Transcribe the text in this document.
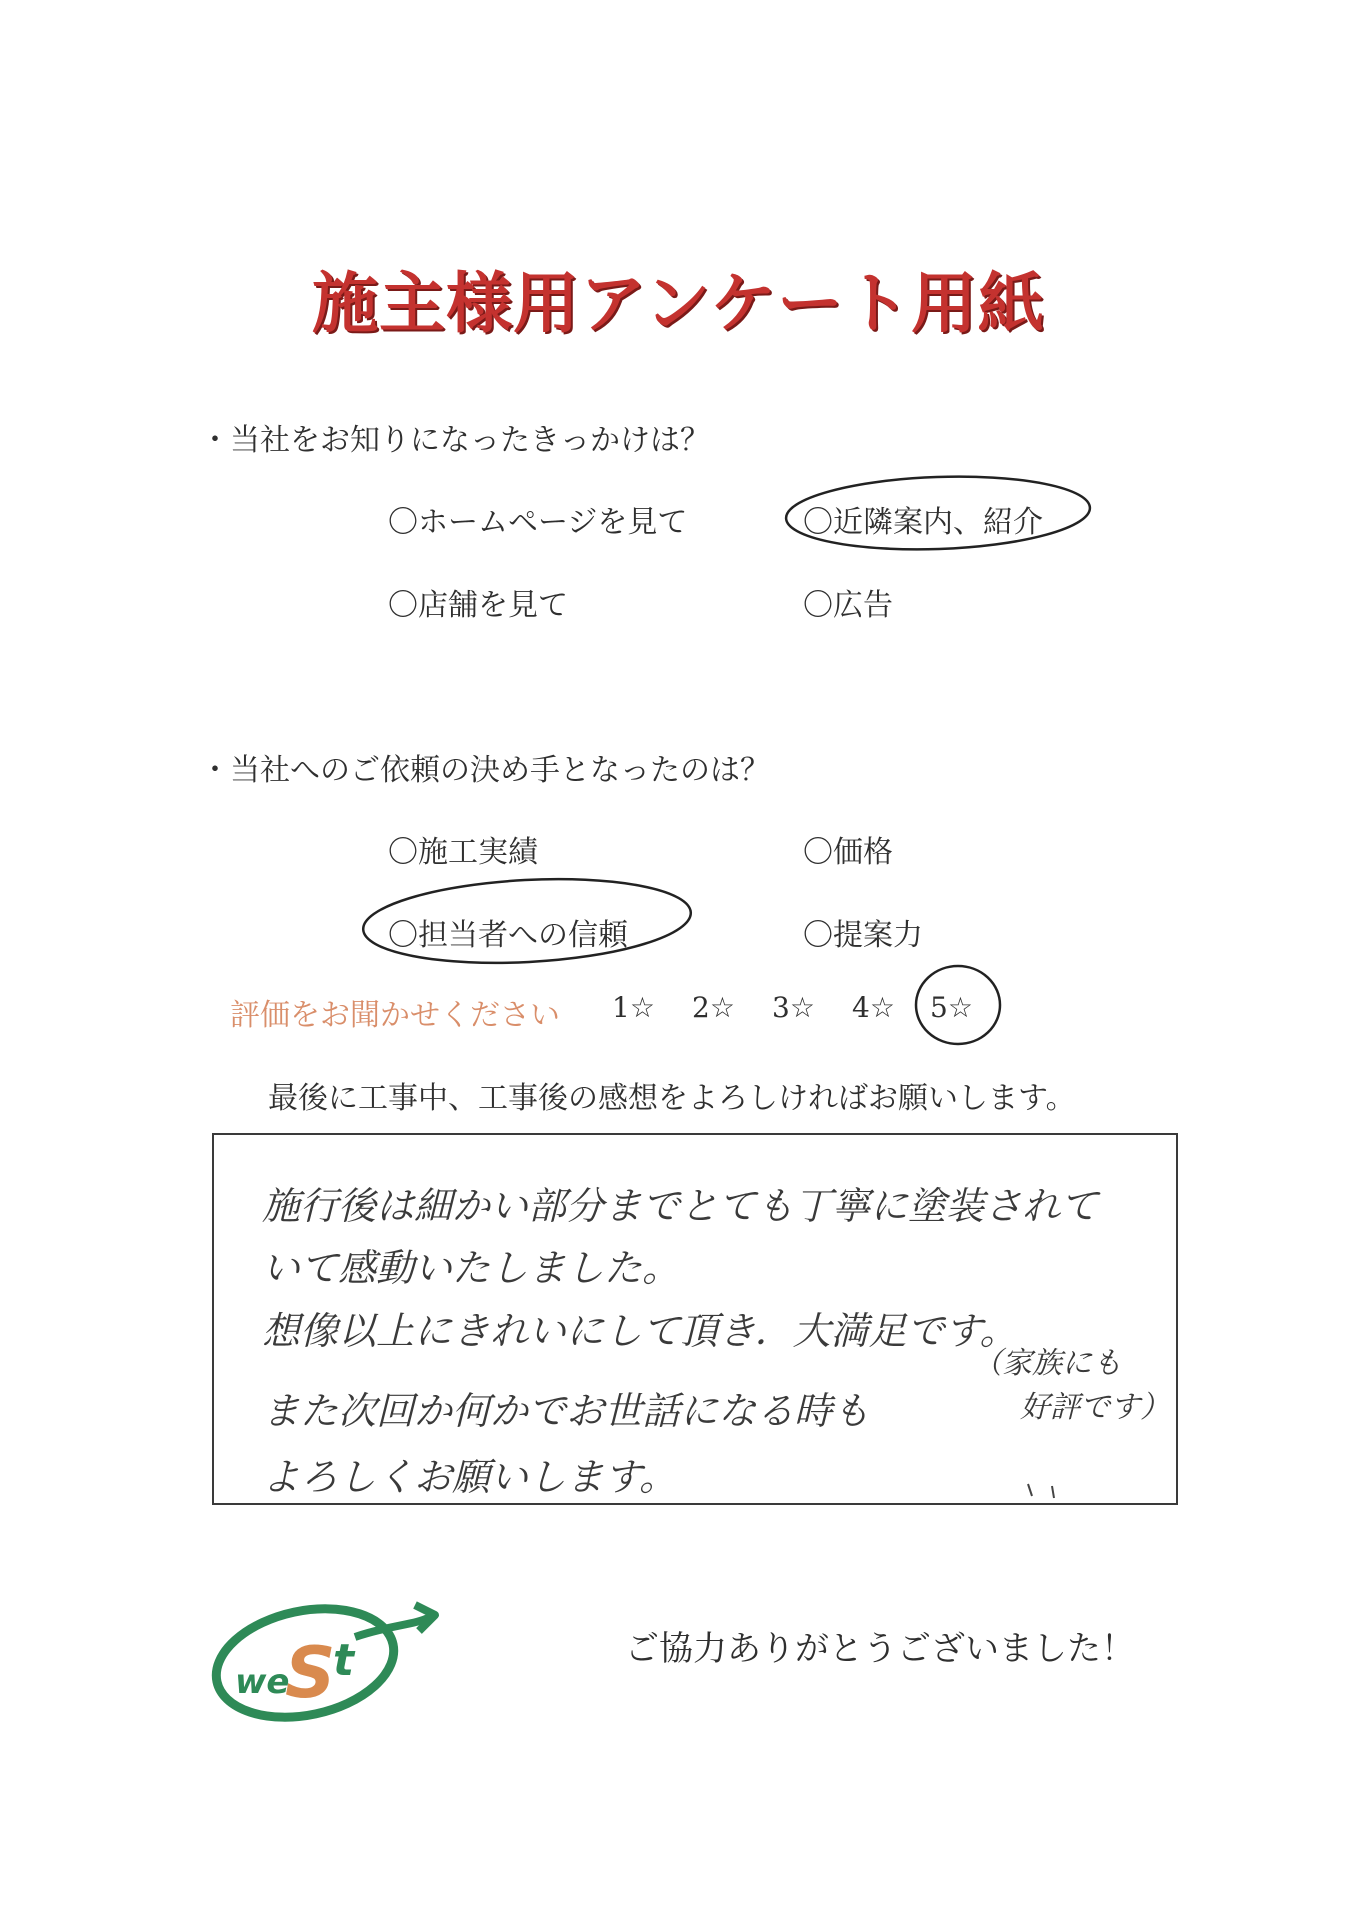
施主様用アンケート用紙
・当社をお知りになったきっかけは？
〇ホームページを見て	〇近隣案内、紹介
〇店舗を見て	〇広告
・当社へのご依頼の決め手となったのは？
〇施工実績	〇価格
〇担当者への信頼	〇提案力
評価をお聞かせください 1☆ 2☆ 3☆ 4☆ 5☆
最後に工事中、工事後の感想をよろしければお願いします。
施行後は細かい部分までとても丁寧に塗装されて
いて感動いたしました。
想像以上にきれいにして頂き．大満足です。
また次回か何かでお世話になる時も
よろしくお願いします。
（家族にも
好評です）
ご協力ありがとうございました！
we
S
t
